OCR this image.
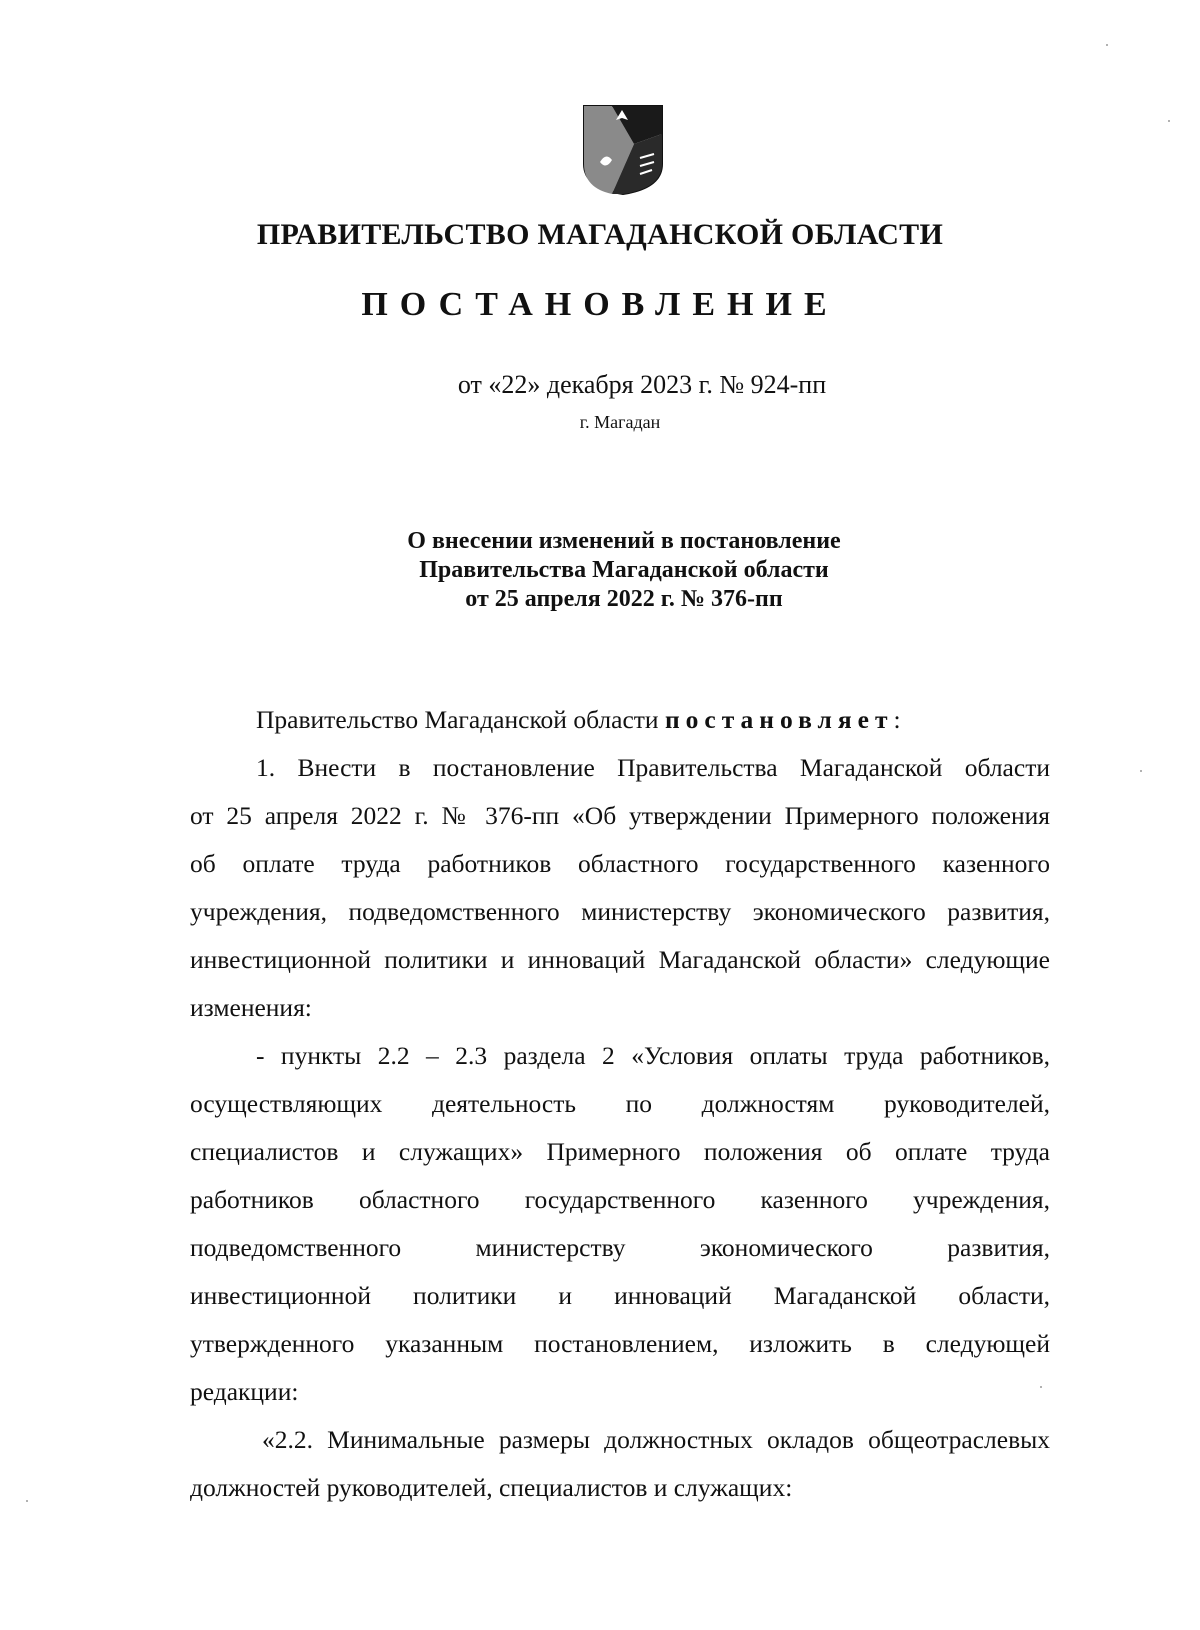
ПРАВИТЕЛЬСТВО МАГАДАНСКОЙ ОБЛАСТИ
ПОСТАНОВЛЕНИЕ
от «22» декабря 2023 г. № 924-пп
г. Магадан
О внесении изменений в постановление
Правительства Магаданской области
от 25 апреля 2022 г. № 376-пп

Правительство Магаданской области постановляет:

1. Внести в постановление Правительства Магаданской области
от 25 апреля 2022 г. № 376-пп «Об утверждении Примерного положения
об оплате труда работников областного государственного казенного
учреждения, подведомственного министерству экономического развития,
инвестиционной политики и инноваций Магаданской области» следующие
изменения:
- пункты 2.2 – 2.3 раздела 2 «Условия оплаты труда работников,
осуществляющих деятельность по должностям руководителей,
специалистов и служащих» Примерного положения об оплате труда
работников областного государственного казенного учреждения,
подведомственного министерству экономического развития,
инвестиционной политики и инноваций Магаданской области,
утвержденного указанным постановлением, изложить в следующей
редакции:
«2.2. Минимальные размеры должностных окладов общеотраслевых
должностей руководителей, специалистов и служащих:
